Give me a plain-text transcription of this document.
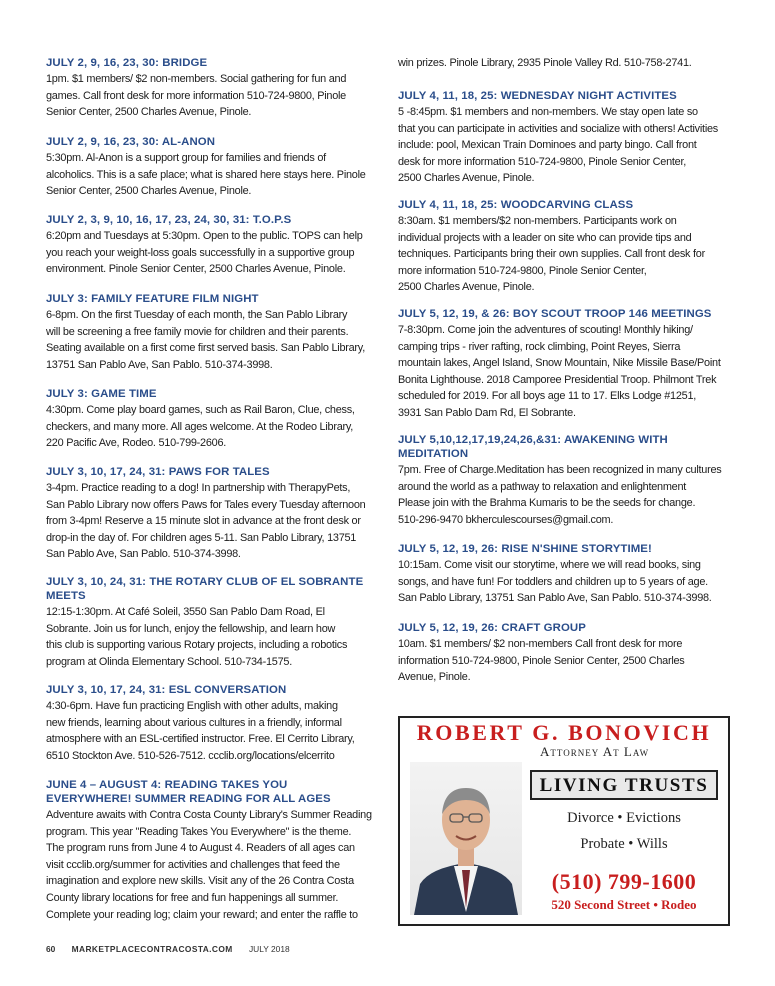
JULY 2, 9, 16, 23, 30: BRIDGE

1pm. $1 members/ $2 non-members. Social gathering for fun and
games. Call front desk for more information 510-724-9800, Pinole
Senior Center, 2500 Charles Avenue, Pinole.

JULY 2, 9, 16, 23, 30: AL-ANON

5:30pm. Al-Anon is a support group for families and friends of
alcoholics. This is a safe place; what is shared here stays here. Pinole
Senior Center, 2500 Charles Avenue, Pinole.

JULY 2, 3, 9, 10, 16, 17, 23, 24, 30, 31: T.O.P.S

6:20pm and Tuesdays at 5:30pm. Open to the public. TOPS can help
you reach your weight-loss goals successfully in a supportive group
environment. Pinole Senior Center, 2500 Charles Avenue, Pinole.

JULY 3: FAMILY FEATURE FILM NIGHT

6-8pm. On the first Tuesday of each month, the San Pablo Library
will be screening a free family movie for children and their parents.
Seating available on a first come first served basis. San Pablo Library,
13751 San Pablo Ave, San Pablo. 510-374-3998.

JULY 3: GAME TIME

4:30pm. Come play board games, such as Rail Baron, Clue, chess,
checkers, and many more. All ages welcome. At the Rodeo Library,
220 Pacific Ave, Rodeo. 510-799-2606.

JULY 3, 10, 17, 24, 31: PAWS FOR TALES

3-4pm. Practice reading to a dog! In partnership with TherapyPets,
San Pablo Library now offers Paws for Tales every Tuesday afternoon
from 3-4pm! Reserve a 15 minute slot in advance at the front desk or
drop-in the day of. For children ages 5-11. San Pablo Library, 13751
San Pablo Ave, San Pablo. 510-374-3998.

JULY 3, 10, 24, 31: THE ROTARY CLUB OF EL SOBRANTE MEETS

12:15-1:30pm. At Café Soleil, 3550 San Pablo Dam Road, El
Sobrante. Join us for lunch, enjoy the fellowship, and learn how
this club is supporting various Rotary projects, including a robotics
program at Olinda Elementary School. 510-734-1575.

JULY 3, 10, 17, 24, 31: ESL CONVERSATION

4:30-6pm. Have fun practicing English with other adults, making
new friends, learning about various cultures in a friendly, informal
atmosphere with an ESL-certified instructor. Free. El Cerrito Library,
6510 Stockton Ave. 510-526-7512. ccclib.org/locations/elcerrito

JUNE 4 – AUGUST 4: READING TAKES YOU EVERYWHERE! SUMMER READING FOR ALL AGES

Adventure awaits with Contra Costa County Library's Summer Reading
program. This year "Reading Takes You Everywhere" is the theme.
The program runs from June 4 to August 4. Readers of all ages can
visit ccclib.org/summer for activities and challenges that feed the
imagination and explore new skills. Visit any of the 26 Contra Costa
County library locations for free and fun happenings all summer.
Complete your reading log; claim your reward; and enter the raffle to

win prizes. Pinole Library, 2935 Pinole Valley Rd. 510-758-2741.

JULY 4, 11, 18, 25: WEDNESDAY NIGHT ACTIVITES

5 -8:45pm. $1 members and non-members. We stay open late so
that you can participate in activities and socialize with others! Activities
include: pool, Mexican Train Dominoes and party bingo. Call front
desk for more information 510-724-9800, Pinole Senior Center,
2500 Charles Avenue, Pinole.

JULY 4, 11, 18, 25: WOODCARVING CLASS

8:30am. $1 members/$2 non-members. Participants work on
individual projects with a leader on site who can provide tips and
techniques. Participants bring their own supplies. Call front desk for
more information 510-724-9800, Pinole Senior Center,
2500 Charles Avenue, Pinole.

JULY 5, 12, 19, & 26: BOY SCOUT TROOP 146 MEETINGS

7-8:30pm. Come join the adventures of scouting! Monthly hiking/
camping trips - river rafting, rock climbing, Point Reyes, Sierra
mountain lakes, Angel Island, Snow Mountain, Nike Missile Base/Point
Bonita Lighthouse. 2018 Camporee Presidential Troop. Philmont Trek
scheduled for 2019. For all boys age 11 to 17. Elks Lodge #1251,
3931 San Pablo Dam Rd, El Sobrante.

JULY 5,10,12,17,19,24,26,&31: AWAKENING WITH MEDITATION

7pm. Free of Charge.Meditation has been recognized in many cultures
around the world as a pathway to relaxation and enlightenment
Please join with the Brahma Kumaris to be the seeds for change.
510-296-9470 bkherculescourses@gmail.com.

JULY 5, 12, 19, 26: RISE N'SHINE STORYTIME!

10:15am. Come visit our storytime, where we will read books, sing
songs, and have fun! For toddlers and children up to 5 years of age.
San Pablo Library, 13751 San Pablo Ave, San Pablo. 510-374-3998.

JULY 5, 12, 19, 26: CRAFT GROUP

10am. $1 members/ $2 non-members Call front desk for more
information 510-724-9800, Pinole Senior Center, 2500 Charles
Avenue, Pinole.

ROBERT G. BONOVICH
Attorney At Law
LIVING TRUSTS
Divorce • Evictions
Probate • Wills
(510) 799-1600
520 Second Street • Rodeo
60 MARKETPLACECONTRACOSTA.COM JULY 2018
